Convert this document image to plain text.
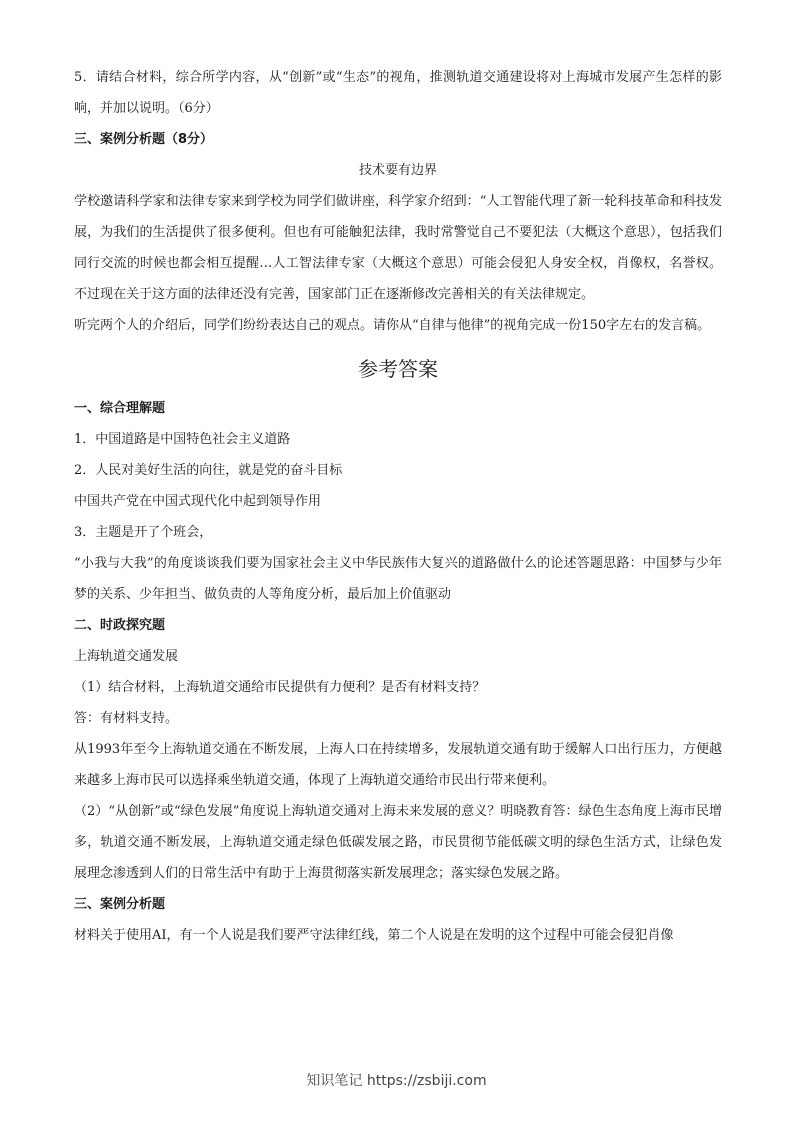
5．请结合材料，综合所学内容，从“创新”或“生态”的视角，推测轨道交通建设将对上海城市发展产生怎样的影响，并加以说明。（6分）

三、案例分析题（8分）

技术要有边界

学校邀请科学家和法律专家来到学校为同学们做讲座，科学家介绍到：“人工智能代理了新一轮科技革命和科技发展，为我们的生活提供了很多便利。但也有可能触犯法律，我时常警觉自己不要犯法（大概这个意思），包括我们同行交流的时候也都会相互提醒…人工智法律专家（大概这个意思）可能会侵犯人身安全权，肖像权，名誉权。不过现在关于这方面的法律还没有完善，国家部门正在逐渐修改完善相关的有关法律规定。

听完两个人的介绍后，同学们纷纷表达自己的观点。请你从“自律与他律”的视角完成一份150字左右的发言稿。

参考答案

一、综合理解题

1．中国道路是中国特色社会主义道路

2．人民对美好生活的向往，就是党的奋斗目标

中国共产党在中国式现代化中起到领导作用

3．主题是开了个班会，

“小我与大我”的角度谈谈我们要为国家社会主义中华民族伟大复兴的道路做什么的论述答题思路：中国梦与少年梦的关系、少年担当、做负责的人等角度分析，最后加上价值驱动

二、时政探究题

上海轨道交通发展

（1）结合材料，上海轨道交通给市民提供有力便利？是否有材料支持？

答：有材料支持。

从1993年至今上海轨道交通在不断发展，上海人口在持续增多，发展轨道交通有助于缓解人口出行压力，方便越来越多上海市民可以选择乘坐轨道交通，体现了上海轨道交通给市民出行带来便利。

（2）“从创新”或“绿色发展”角度说上海轨道交通对上海未来发展的意义？明晓教育答：绿色生态角度上海市民增多，轨道交通不断发展，上海轨道交通走绿色低碳发展之路，市民贯彻节能低碳文明的绿色生活方式，让绿色发展理念渗透到人们的日常生活中有助于上海贯彻落实新发展理念；落实绿色发展之路。

三、案例分析题

材料关于使用AI，有一个人说是我们要严守法律红线，第二个人说是在发明的这个过程中可能会侵犯肖像

知识笔记 https://zsbiji.com
